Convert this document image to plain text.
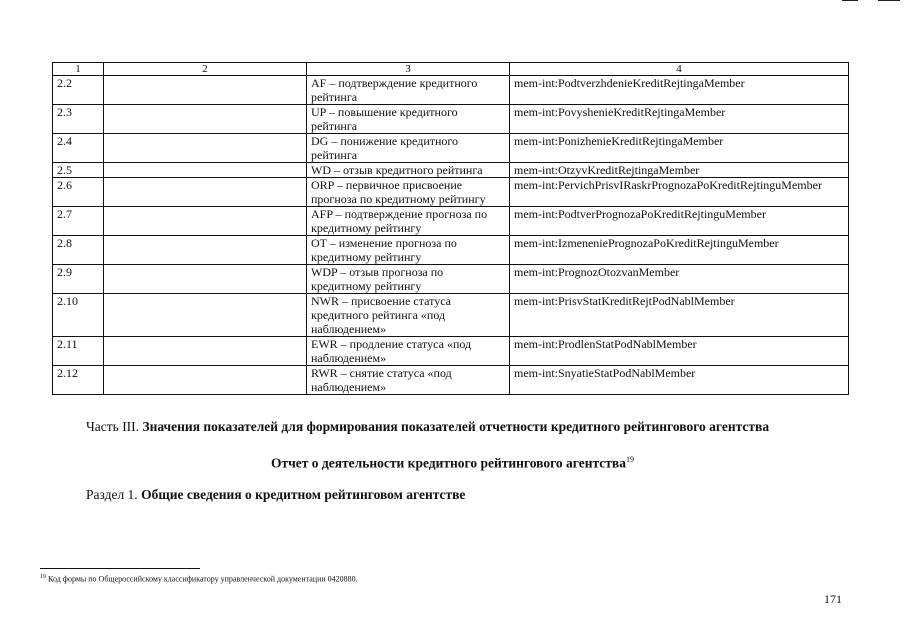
1	2	3	4
2.2		AF – подтверждение кредитного рейтинга	mem-int:PodtverzhdenieKreditRejtingaMember
2.3		UP – повышение кредитного рейтинга	mem-int:PovyshenieKreditRejtingaMember
2.4		DG – понижение кредитного рейтинга	mem-int:PonizhenieKreditRejtingaMember
2.5		WD – отзыв кредитного рейтинга	mem-int:OtzyvKreditRejtingaMember
2.6		ORP – первичное присвоение прогноза по кредитному рейтингу	mem-int:PervichPrisvIRaskrPrognozaPoKreditRejtinguMember
2.7		AFP – подтверждение прогноза по кредитному рейтингу	mem-int:PodtverPrognozaPoKreditRejtinguMember
2.8		OT – изменение прогноза по кредитному рейтингу	mem-int:IzmeneniePrognozaPoKreditRejtinguMember
2.9		WDP – отзыв прогноза по кредитному рейтингу	mem-int:PrognozOtozvanMember
2.10		NWR – присвоение статуса кредитного рейтинга «под наблюдением»	mem-int:PrisvStatKreditRejtPodNablMember
2.11		EWR – продление статуса «под наблюдением»	mem-int:ProdlenStatPodNablMember
2.12		RWR – снятие статуса «под наблюдением»	mem-int:SnyatieStatPodNablMember
Часть III. Значения показателей для формирования показателей отчетности кредитного рейтингового агентства
Отчет о деятельности кредитного рейтингового агентства$^{19}$
Раздел 1. Общие сведения о кредитном рейтинговом агентстве
$^{19}$ Код формы по Общероссийскому классификатору управленческой документации 0420880.
171
